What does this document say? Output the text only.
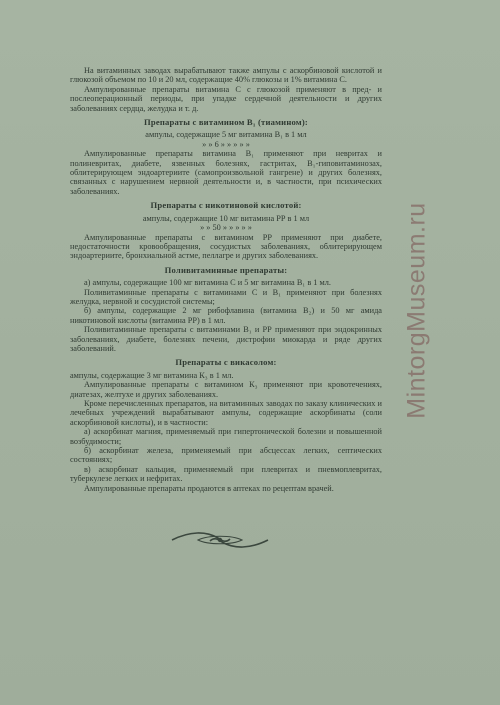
На витаминных заводах вырабатывают также ампулы с аскорбиновой кислотой и глюкозой объемом по 10 и 20 мл, содержащие 40% глюкозы и 1% витамина С.

Ампулированные препараты витамина С с глюкозой применяют в пред- и послеоперационный периоды, при упадке сердечной деятельности и других заболеваниях сердца, желудка и т. д.

Препараты с витамином В₁ (тиамином):

ампулы, содержащие 5 мг витамина В₁ в 1 мл

» » 6 » » » » »

Ампулированные препараты витамина В₁ применяют при невритах и полиневритах, диабете, язвенных болезнях, гастритах, В₁-гиповитаминозах, облитерирующем эндоартериите (самопроизвольной гангрене) и других болезнях, связанных с нарушением нервной деятельности и, в частности, при психических заболеваниях.

Препараты с никотиновой кислотой:

ампулы, содержащие 10 мг витамина РР в 1 мл

» » 50 » » » » »

Ампулированные препараты с витамином РР применяют при диабете, недостаточности кровообращения, сосудистых заболеваниях, облитерирующем эндоартериите, бронхиальной астме, пеллагре и других заболеваниях.

Поливитаминные препараты:

а) ампулы, содержащие 100 мг витамина С и 5 мг витамина В₁ в 1 мл.

Поливитаминные препараты с витаминами С и В₁ применяют при болезнях желудка, нервной и сосудистой системы;

б) ампулы, содержащие 2 мг рибофлавина (витамина В₂) и 50 мг амида никотиновой кислоты (витамина РР) в 1 мл.

Поливитаминные препараты с витаминами В₁ и РР применяют при эндокринных заболеваниях, диабете, болезнях печени, дистрофии миокарда и ряде других заболеваний.

Препараты с викасолом:

ампулы, содержащие 3 мг витамина К₃ в 1 мл.

Ампулированные препараты с витамином К₃ применяют при кровотечениях, диатезах, желтухе и других заболеваниях.

Кроме перечисленных препаратов, на витаминных заводах по заказу клинических и лечебных учреждений вырабатывают ампулы, содержащие аскорбинаты (соли аскорбиновой кислоты), и в частности:

а) аскорбинат магния, применяемый при гипертонической болезни и повышенной возбудимости;

б) аскорбинат железа, применяемый при абсцессах легких, септических состояниях;

в) аскорбинат кальция, применяемый при плевритах и пневмоплевритах, туберкулезе легких и нефритах.

Ампулированные препараты продаются в аптеках по рецептам врачей.

MintorgMuseum.ru
